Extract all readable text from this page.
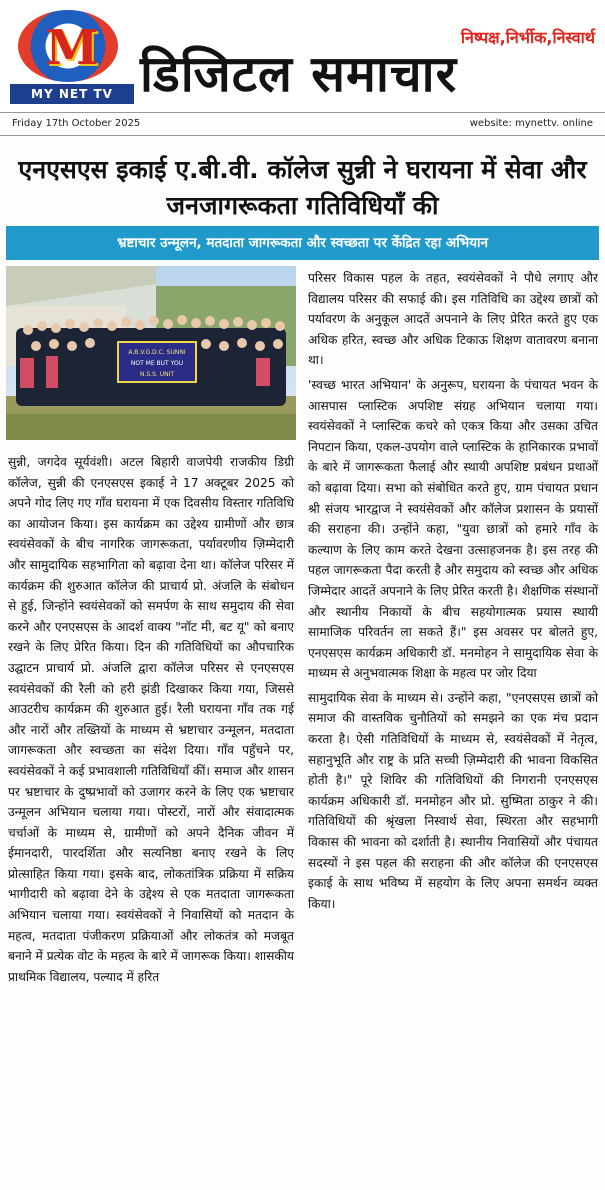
M
MY NET TV
निष्पक्ष,निर्भीक,निस्वार्थ
डिजिटल समाचार
Friday 17th October 2025	website: mynettv. online
एनएसएस इकाई ए.बी.वी. कॉलेज सुन्नी ने घरायना में सेवा और जनजागरूकता गतिविधियाँ की
भ्रष्टाचार उन्मूलन, मतदाता जागरूकता और स्वच्छता पर केंद्रित रहा अभियान
A.B.V.G.D.C. SUNNI
NOT ME BUT YOU
N.S.S. UNIT

सुन्नी, जगदेव सूर्यवंशी। अटल बिहारी वाजपेयी राजकीय डिग्री कॉलेज, सुन्नी की एनएसएस इकाई ने 17 अक्टूबर 2025 को अपने गोद लिए गए गाँव घरायना में एक दिवसीय विस्तार गतिविधि का आयोजन किया। इस कार्यक्रम का उद्देश्य ग्रामीणों और छात्र स्वयंसेवकों के बीच नागरिक जागरूकता, पर्यावरणीय ज़िम्मेदारी और सामुदायिक सहभागिता को बढ़ावा देना था। कॉलेज परिसर में कार्यक्रम की शुरुआत कॉलेज की प्राचार्य प्रो. अंजलि के संबोधन से हुई, जिन्होंने स्वयंसेवकों को समर्पण के साथ समुदाय की सेवा करने और एनएसएस के आदर्श वाक्य "नॉट मी, बट यू" को बनाए रखने के लिए प्रेरित किया। दिन की गतिविधियों का औपचारिक उद्घाटन प्राचार्य प्रो. अंजलि द्वारा कॉलेज परिसर से एनएसएस स्वयंसेवकों की रैली को हरी झंडी दिखाकर किया गया, जिससे आउटरीच कार्यक्रम की शुरुआत हुई। रैली घरायना गाँव तक गई और नारों और तख्तियों के माध्यम से भ्रष्टाचार उन्मूलन, मतदाता जागरूकता और स्वच्छता का संदेश दिया। गाँव पहुँचने पर, स्वयंसेवकों ने कई प्रभावशाली गतिविधियाँ कीं। समाज और शासन पर भ्रष्टाचार के दुष्प्रभावों को उजागर करने के लिए एक भ्रष्टाचार उन्मूलन अभियान चलाया गया। पोस्टरों, नारों और संवादात्मक चर्चाओं के माध्यम से, ग्रामीणों को अपने दैनिक जीवन में ईमानदारी, पारदर्शिता और सत्यनिष्ठा बनाए रखने के लिए प्रोत्साहित किया गया। इसके बाद, लोकतांत्रिक प्रक्रिया में सक्रिय भागीदारी को बढ़ावा देने के उद्देश्य से एक मतदाता जागरूकता अभियान चलाया गया। स्वयंसेवकों ने निवासियों को मतदान के महत्व, मतदाता पंजीकरण प्रक्रियाओं और लोकतंत्र को मजबूत बनाने में प्रत्येक वोट के महत्व के बारे में जागरूक किया। शासकीय प्राथमिक विद्यालय, पल्याद में हरित

परिसर विकास पहल के तहत, स्वयंसेवकों ने पौधे लगाए और विद्यालय परिसर की सफाई की। इस गतिविधि का उद्देश्य छात्रों को पर्यावरण के अनुकूल आदतें अपनाने के लिए प्रेरित करते हुए एक अधिक हरित, स्वच्छ और अधिक टिकाऊ शिक्षण वातावरण बनाना था।

'स्वच्छ भारत अभियान' के अनुरूप, घरायना के पंचायत भवन के आसपास प्लास्टिक अपशिष्ट संग्रह अभियान चलाया गया। स्वयंसेवकों ने प्लास्टिक कचरे को एकत्र किया और उसका उचित निपटान किया, एकल-उपयोग वाले प्लास्टिक के हानिकारक प्रभावों के बारे में जागरूकता फैलाई और स्थायी अपशिष्ट प्रबंधन प्रथाओं को बढ़ावा दिया। सभा को संबोधित करते हुए, ग्राम पंचायत प्रधान श्री संजय भारद्वाज ने स्वयंसेवकों और कॉलेज प्रशासन के प्रयासों की सराहना की। उन्होंने कहा, "युवा छात्रों को हमारे गाँव के कल्याण के लिए काम करते देखना उत्साहजनक है। इस तरह की पहल जागरूकता पैदा करती है और समुदाय को स्वच्छ और अधिक जिम्मेदार आदतें अपनाने के लिए प्रेरित करती है। शैक्षणिक संस्थानों और स्थानीय निकायों के बीच सहयोगात्मक प्रयास स्थायी सामाजिक परिवर्तन ला सकते हैं।" इस अवसर पर बोलते हुए, एनएसएस कार्यक्रम अधिकारी डॉ. मनमोहन ने सामुदायिक सेवा के माध्यम से अनुभवात्मक शिक्षा के महत्व पर जोर दिया

सामुदायिक सेवा के माध्यम से। उन्होंने कहा, "एनएसएस छात्रों को समाज की वास्तविक चुनौतियों को समझने का एक मंच प्रदान करता है। ऐसी गतिविधियों के माध्यम से, स्वयंसेवकों में नेतृत्व, सहानुभूति और राष्ट्र के प्रति सच्ची ज़िम्मेदारी की भावना विकसित होती है।" पूरे शिविर की गतिविधियों की निगरानी एनएसएस कार्यक्रम अधिकारी डॉ. मनमोहन और प्रो. सुष्मिता ठाकुर ने की। गतिविधियों की श्रृंखला निस्वार्थ सेवा, स्थिरता और सहभागी विकास की भावना को दर्शाती है। स्थानीय निवासियों और पंचायत सदस्यों ने इस पहल की सराहना की और कॉलेज की एनएसएस इकाई के साथ भविष्य में सहयोग के लिए अपना समर्थन व्यक्त किया।
